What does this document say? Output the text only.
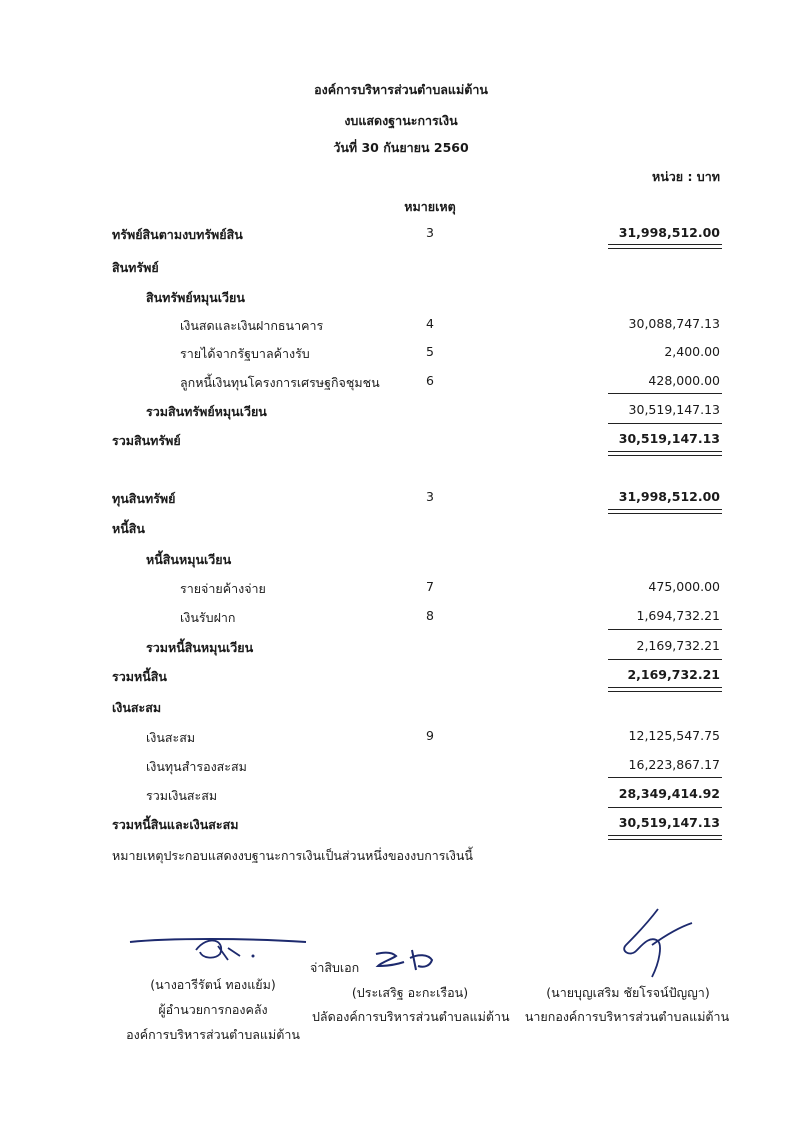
องค์การบริหารส่วนตำบลแม่ต้าน
งบแสดงฐานะการเงิน
วันที่ 30 กันยายน 2560
หน่วย : บาท
หมายเหตุ
ทรัพย์สินตามงบทรัพย์สิน	3	31,998,512.00
สินทรัพย์
สินทรัพย์หมุนเวียน
เงินสดและเงินฝากธนาคาร	4	30,088,747.13
รายได้จากรัฐบาลค้างรับ	5	2,400.00
ลูกหนี้เงินทุนโครงการเศรษฐกิจชุมชน	6	428,000.00
รวมสินทรัพย์หมุนเวียน	30,519,147.13
รวมสินทรัพย์	30,519,147.13
ทุนสินทรัพย์	3	31,998,512.00
หนี้สิน
หนี้สินหมุนเวียน
รายจ่ายค้างจ่าย	7	475,000.00
เงินรับฝาก	8	1,694,732.21
รวมหนี้สินหมุนเวียน	2,169,732.21
รวมหนี้สิน	2,169,732.21
เงินสะสม
เงินสะสม	9	12,125,547.75
เงินทุนสำรองสะสม	16,223,867.17
รวมเงินสะสม	28,349,414.92
รวมหนี้สินและเงินสะสม	30,519,147.13
หมายเหตุประกอบแสดงงบฐานะการเงินเป็นส่วนหนึ่งของงบการเงินนี้
จ่าสิบเอก
(นางอารีรัตน์ ทองแย้ม)
ผู้อำนวยการกองคลัง
องค์การบริหารส่วนตำบลแม่ต้าน
(ประเสริฐ อะกะเรือน)
ปลัดองค์การบริหารส่วนตำบลแม่ต้าน
(นายบุญเสริม ชัยโรจน์ปัญญา)
นายกองค์การบริหารส่วนตำบลแม่ต้าน
